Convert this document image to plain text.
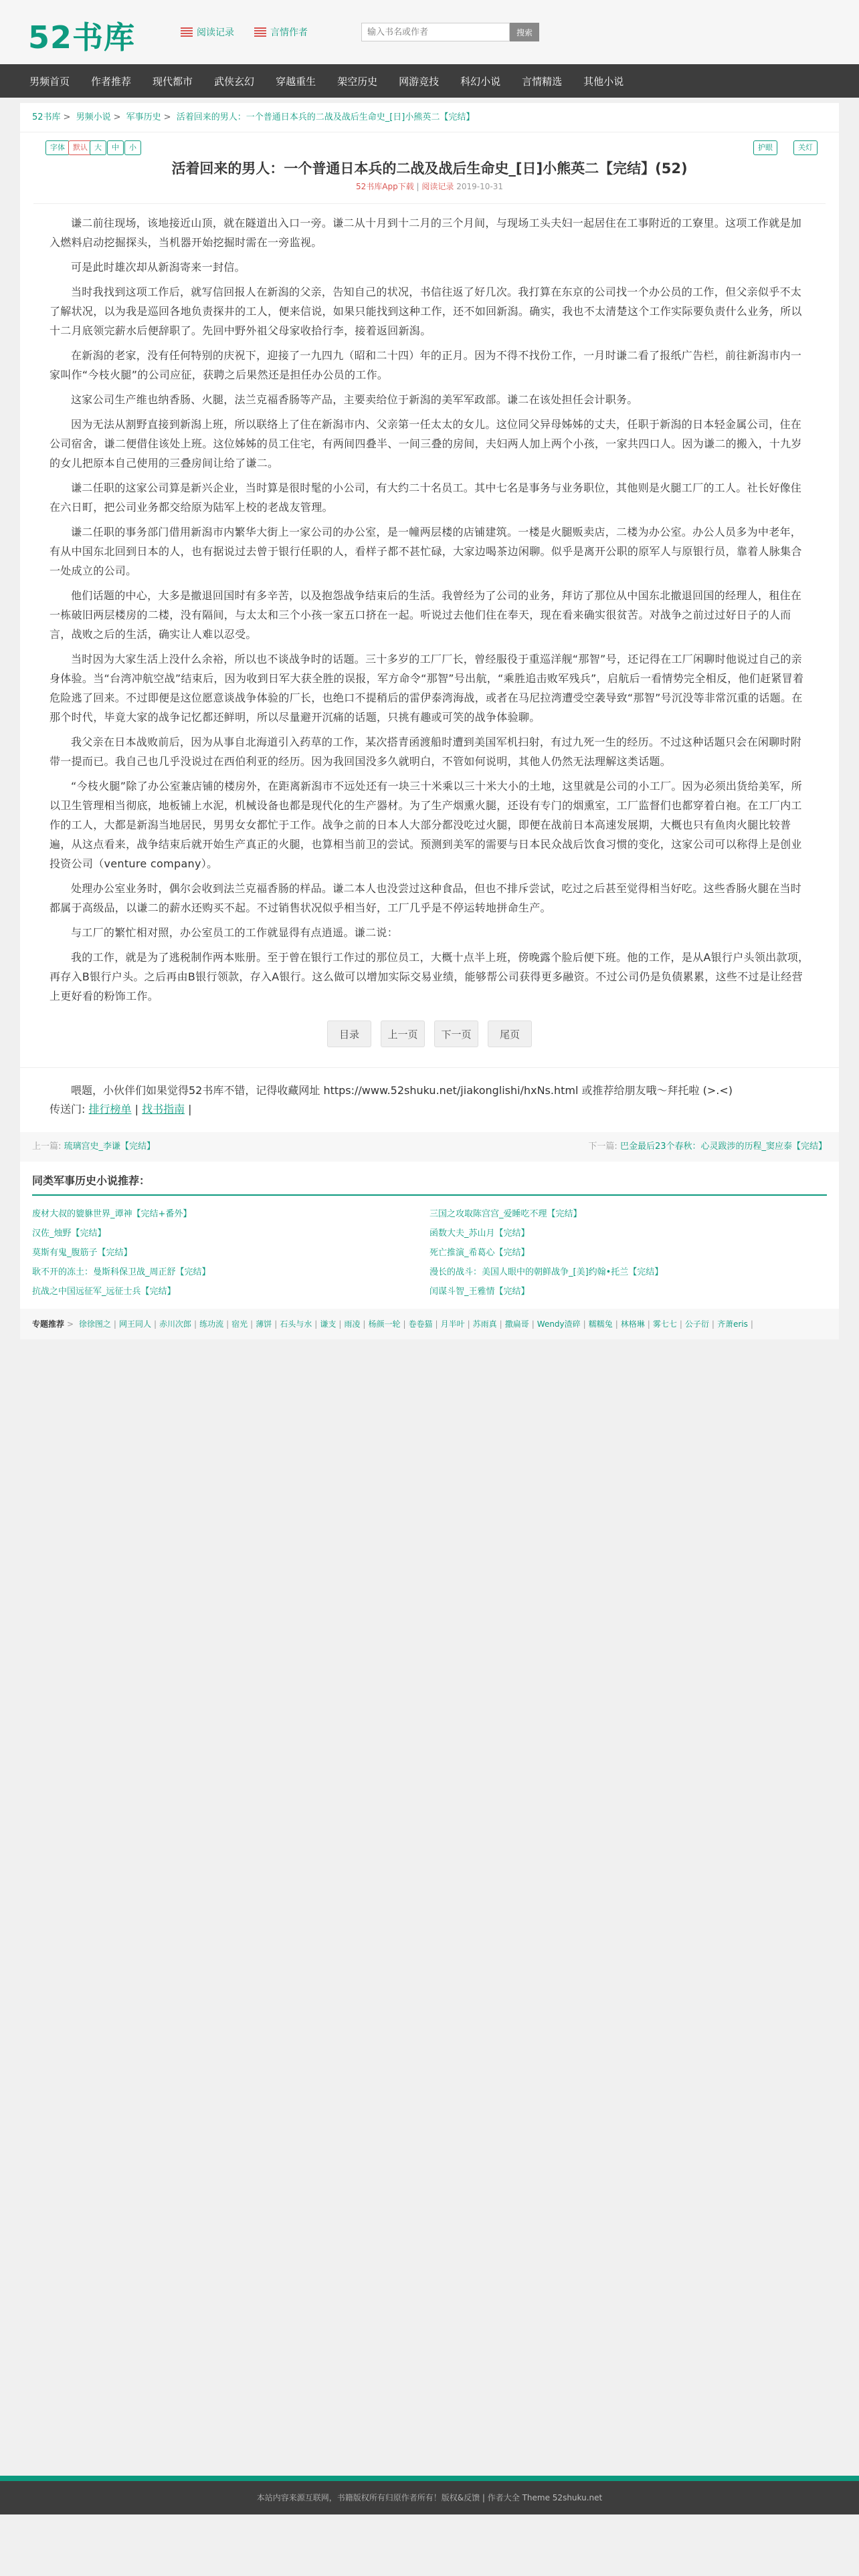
52书库	阅读记录	言情作者
输入书名或作者	搜索
男频首页 作者推荐 现代都市 武侠玄幻 穿越重生 架空历史 网游竞技 科幻小说 言情精选 其他小说
52书库 > 男频小说 > 军事历史 > 活着回来的男人：一个普通日本兵的二战及战后生命史_[日]小熊英二【完结】
字体	默认 大	中	小	护眼	关灯
活着回来的男人：一个普通日本兵的二战及战后生命史_[日]小熊英二【完结】(52)
52书库App下载 | 阅读记录 2019-10-31

谦二前往现场，该地接近山顶，就在隧道出入口一旁。谦二从十月到十二月的三个月间，与现场工头夫妇一起居住在工事附近的工寮里。这项工作就是加入燃料启动挖掘探头，当机器开始挖掘时需在一旁监视。

可是此时雄次却从新潟寄来一封信。

当时我找到这项工作后，就写信回报人在新潟的父亲，告知自己的状况，书信往返了好几次。我打算在东京的公司找一个办公员的工作，但父亲似乎不太了解状况，以为我是巡回各地负责探井的工人，便来信说，如果只能找到这种工作，还不如回新潟。确实，我也不太清楚这个工作实际要负责什么业务，所以十二月底领完薪水后便辞职了。先回中野外祖父母家收拾行李，接着返回新潟。

在新潟的老家，没有任何特别的庆祝下，迎接了一九四九（昭和二十四）年的正月。因为不得不找份工作，一月时谦二看了报纸广告栏，前往新潟市内一家叫作“今枝火腿”的公司应征，获聘之后果然还是担任办公员的工作。

这家公司生产维也纳香肠、火腿，法兰克福香肠等产品，主要卖给位于新潟的美军军政部。谦二在该处担任会计职务。

因为无法从割野直接到新潟上班，所以联络上了住在新潟市内、父亲第一任太太的女儿。这位同父异母姊姊的丈夫，任职于新潟的日本轻金属公司，住在公司宿舍，谦二便借住该处上班。这位姊姊的员工住宅，有两间四叠半、一间三叠的房间，夫妇两人加上两个小孩，一家共四口人。因为谦二的搬入，十九岁的女儿把原本自己使用的三叠房间让给了谦二。

谦二任职的这家公司算是新兴企业，当时算是很时髦的小公司，有大约二十名员工。其中七名是事务与业务职位，其他则是火腿工厂的工人。社长好像住在六日町，把公司业务都交给原为陆军上校的老战友管理。

谦二任职的事务部门借用新潟市内繁华大街上一家公司的办公室，是一幢两层楼的店铺建筑。一楼是火腿贩卖店，二楼为办公室。办公人员多为中老年，有从中国东北回到日本的人，也有据说过去曾于银行任职的人，看样子都不甚忙碌，大家边喝茶边闲聊。似乎是离开公职的原军人与原银行员，靠着人脉集合一处成立的公司。

他们话题的中心，大多是撤退回国时有多辛苦，以及抱怨战争结束后的生活。我曾经为了公司的业务，拜访了那位从中国东北撤退回国的经理人，租住在一栋破旧两层楼房的二楼，没有隔间，与太太和三个小孩一家五口挤在一起。听说过去他们住在奉天，现在看来确实很贫苦。对战争之前过过好日子的人而言，战败之后的生活，确实让人难以忍受。

当时因为大家生活上没什么余裕，所以也不谈战争时的话题。三十多岁的工厂厂长，曾经服役于重巡洋舰“那智”号，还记得在工厂闲聊时他说过自己的亲身体验。当“台湾冲航空战”结束后，因为收到日军大获全胜的误报，军方命令“那智”号出航，“乘胜追击败军残兵”，启航后一看情势完全相反，他们赶紧冒着危险逃了回来。不过即便是这位愿意谈战争体验的厂长，也绝口不提稍后的雷伊泰湾海战，或者在马尼拉湾遭受空袭导致“那智”号沉没等非常沉重的话题。在那个时代，毕竟大家的战争记忆都还鲜明，所以尽量避开沉痛的话题，只挑有趣或可笑的战争体验聊。

我父亲在日本战败前后，因为从事自北海道引入药草的工作，某次搭青函渡船时遭到美国军机扫射，有过九死一生的经历。不过这种话题只会在闲聊时附带一提而已。我自己也几乎没说过在西伯利亚的经历。因为我回国没多久就明白，不管如何说明，其他人仍然无法理解这类话题。

“今枝火腿”除了办公室兼店铺的楼房外，在距离新潟市不远处还有一块三十米乘以三十米大小的土地，这里就是公司的小工厂。因为必须出货给美军，所以卫生管理相当彻底，地板铺上水泥，机械设备也都是现代化的生产器材。为了生产烟熏火腿，还设有专门的烟熏室，工厂监督们也都穿着白袍。在工厂内工作的工人，大都是新潟当地居民，男男女女都忙于工作。战争之前的日本人大部分都没吃过火腿，即便在战前日本高速发展期，大概也只有鱼肉火腿比较普遍，从这点看来，战争结束后就开始生产真正的火腿，也算相当前卫的尝试。预测到美军的需要与日本民众战后饮食习惯的变化，这家公司可以称得上是创业投资公司（venture company）。

处理办公室业务时，偶尔会收到法兰克福香肠的样品。谦二本人也没尝过这种食品，但也不排斥尝试，吃过之后甚至觉得相当好吃。这些香肠火腿在当时都属于高级品，以谦二的薪水还购买不起。不过销售状况似乎相当好，工厂几乎是不停运转地拼命生产。

与工厂的繁忙相对照，办公室员工的工作就显得有点逍遥。谦二说：

我的工作，就是为了逃税制作两本账册。至于曾在银行工作过的那位员工，大概十点半上班，傍晚露个脸后便下班。他的工作，是从A银行户头领出款项，再存入B银行户头。之后再由B银行领款，存入A银行。这么做可以增加实际交易业绩，能够帮公司获得更多融资。不过公司仍是负债累累，这些不过是让经营上更好看的粉饰工作。

目录	上一页	下一页	尾页

喂题，小伙伴们如果觉得52书库不错，记得收藏网址 https://www.52shuku.net/jiakonglishi/hxNs.html 或推荐给朋友哦～拜托啦 (>.<)

传送门: 排行榜单 | 找书指南 |

上一篇: 琉璃宫史_李谦【完结】	下一篇: 巴金最后23个春秋：心灵跋涉的历程_窦应泰【完结】
同类军事历史小说推荐：
废材大叔的貔貅世界_谭神【完结+番外】	三国之攻取陈宫宫_爱睡吃不理【完结】
汉佐_烛野【完结】	函数大夫_苏山月【完结】
莫斯有鬼_腹筋子【完结】	死亡推演_希葛心【完结】
耿不开的冻土：曼斯科保卫战_周正舒【完结】	漫长的战斗：美国人眼中的朝鲜战争_[美]约翰•托兰【完结】
抗战之中国远征军_远征士兵【完结】	闰谋斗智_王雅情【完结】
专题推荐 > 徐徐图之 | 网王同人 | 赤川次郎 | 练功流 | 宿光 | 薄饼 | 石头与水 | 谦支 | 雨凌 | 杨颜一轮 | 卷卷猫 | 月半叶 | 苏雨真 | 撒扁哥 | Wendy渣碎 | 糯糯兔 | 林格琳 | 雾七七 | 公子衍 | 齐萧eris |
本站内容来源互联网，书籍版权所有归原作者所有！版权&反馈 | 作者大全 Theme 52shuku.net
